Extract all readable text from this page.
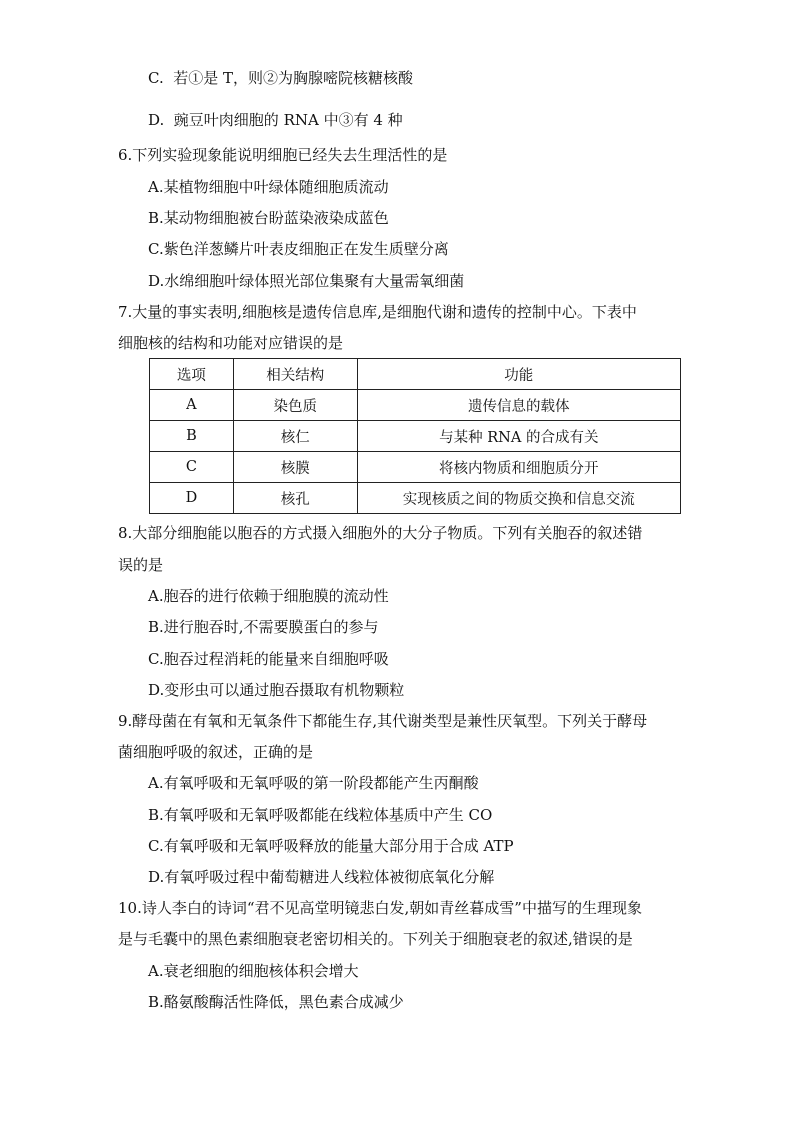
C.  若①是 T，则②为胸腺嘧院核糖核酸
D.  豌豆叶肉细胞的 RNA 中③有 4 种
6.下列实验现象能说明细胞已经失去生理活性的是
A.某植物细胞中叶绿体随细胞质流动
B.某动物细胞被台盼蓝染液染成蓝色
C.紫色洋葱鳞片叶表皮细胞正在发生质壁分离
D.水绵细胞叶绿体照光部位集聚有大量需氧细菌
7.大量的事实表明,细胞核是遗传信息库,是细胞代谢和遗传的控制中心。下表中
细胞核的结构和功能对应错误的是
选项	相关结构	功能
A	染色质	遗传信息的载体
B	核仁	与某种 RNA 的合成有关
C	核膜	将核内物质和细胞质分开
D	核孔	实现核质之间的物质交换和信息交流
8.大部分细胞能以胞吞的方式摄入细胞外的大分子物质。下列有关胞吞的叙述错
误的是
A.胞吞的进行依赖于细胞膜的流动性
B.进行胞吞时,不需要膜蛋白的参与
C.胞吞过程消耗的能量来自细胞呼吸
D.变形虫可以通过胞吞摄取有机物颗粒
9.酵母菌在有氧和无氧条件下都能生存,其代谢类型是兼性厌氧型。下列关于酵母
菌细胞呼吸的叙述，正确的是
A.有氧呼吸和无氧呼吸的第一阶段都能产生丙酮酸
B.有氧呼吸和无氧呼吸都能在线粒体基质中产生 CO
C.有氧呼吸和无氧呼吸释放的能量大部分用于合成 ATP
D.有氧呼吸过程中葡萄糖进人线粒体被彻底氧化分解
10.诗人李白的诗词“君不见高堂明镜悲白发,朝如青丝暮成雪”中描写的生理现象
是与毛囊中的黑色素细胞衰老密切相关的。下列关于细胞衰老的叙述,错误的是
A.衰老细胞的细胞核体积会增大
B.酪氨酸酶活性降低，黑色素合成减少
